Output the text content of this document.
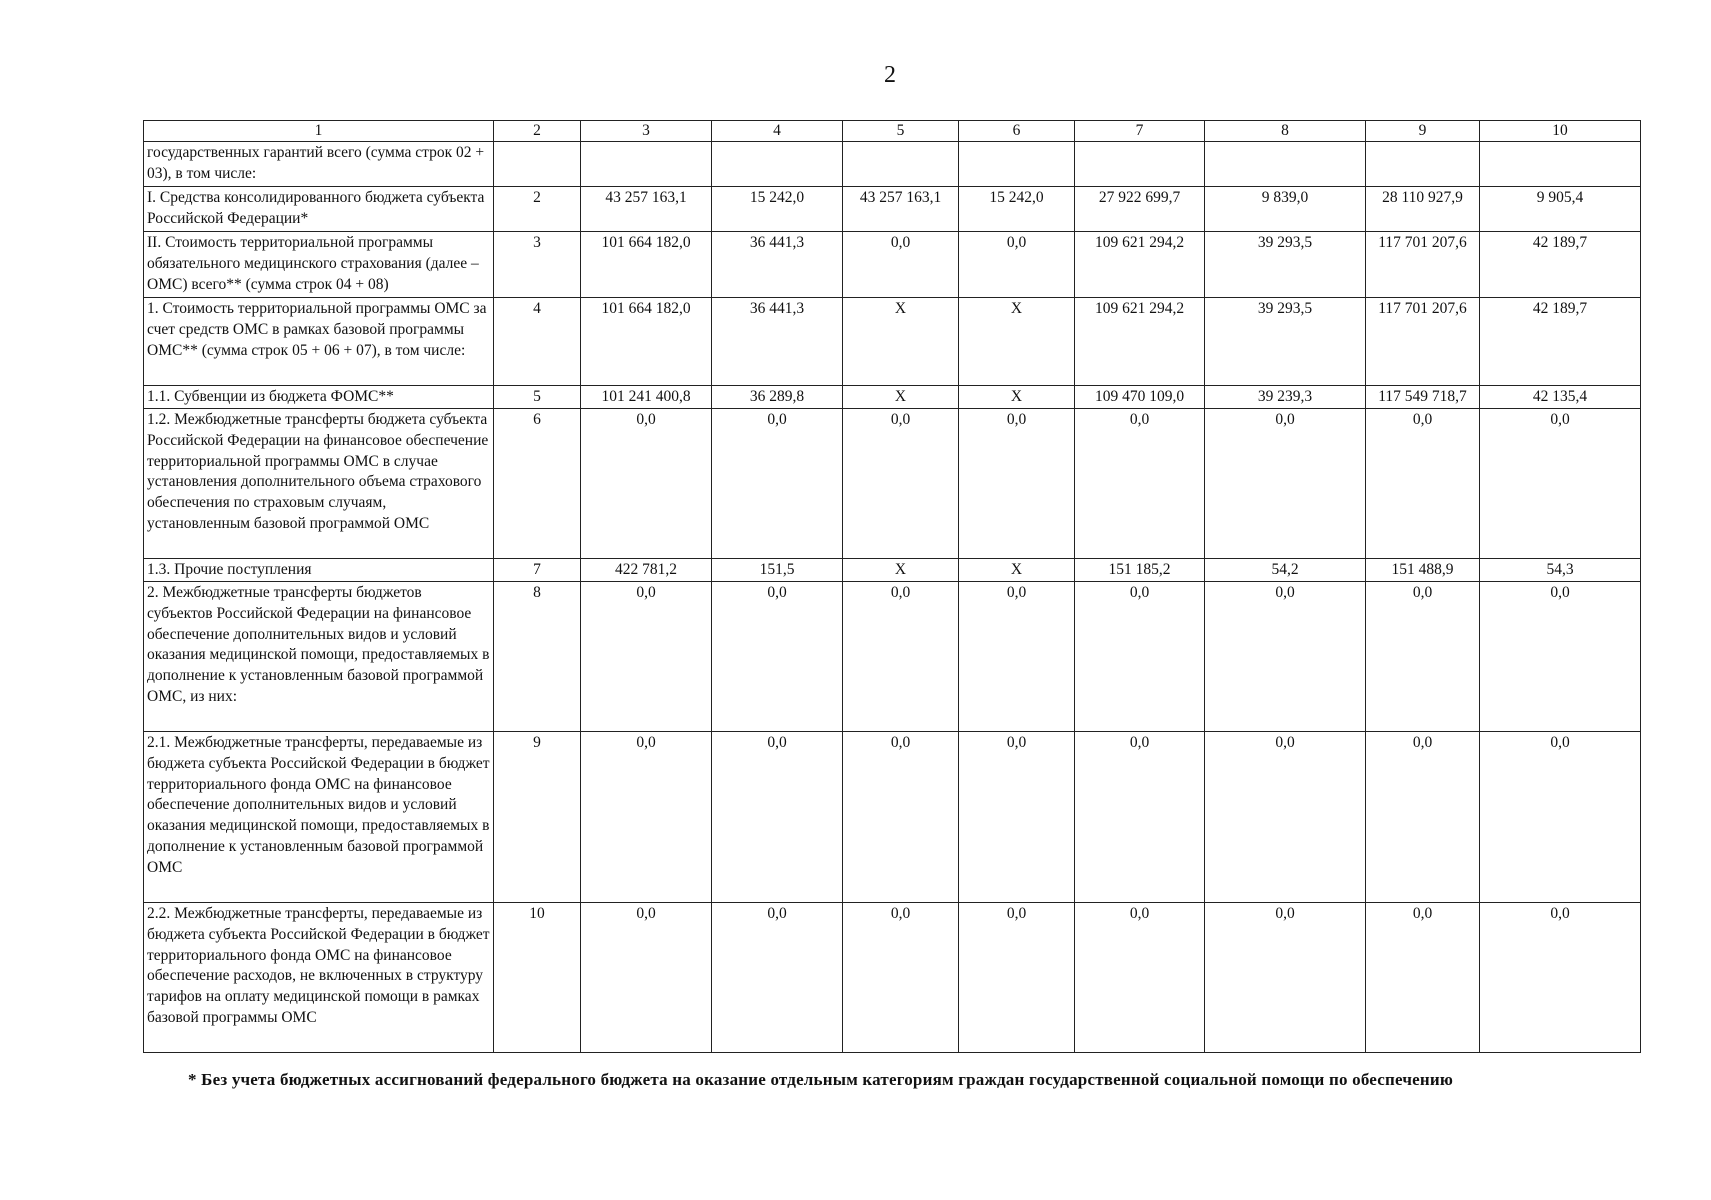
2
1	2	3	4	5	6	7	8	9	10
государственных гарантий всего (сумма строк 02 + 03), в том числе:									
I. Средства консолидированного бюджета субъекта Российской Федерации*	2	43 257 163,1	15 242,0	43 257 163,1	15 242,0	27 922 699,7	9 839,0	28 110 927,9	9 905,4
II. Стоимость территориальной программы обязательного медицинского страхования (далее – ОМС) всего** (сумма строк 04 + 08)	3	101 664 182,0	36 441,3	0,0	0,0	109 621 294,2	39 293,5	117 701 207,6	42 189,7
1. Стоимость территориальной программы ОМС за счет средств ОМС в рамках базовой программы ОМС** (сумма строк 05 + 06 + 07), в том числе:	4	101 664 182,0	36 441,3	X	X	109 621 294,2	39 293,5	117 701 207,6	42 189,7
1.1. Субвенции из бюджета ФОМС**	5	101 241 400,8	36 289,8	X	X	109 470 109,0	39 239,3	117 549 718,7	42 135,4
1.2. Межбюджетные трансферты бюджета субъекта Российской Федерации на финансовое обеспечение территориальной программы ОМС в случае установления дополнительного объема страхового обеспечения по страховым случаям, установленным базовой программой ОМС	6	0,0	0,0	0,0	0,0	0,0	0,0	0,0	0,0
1.3. Прочие поступления	7	422 781,2	151,5	X	X	151 185,2	54,2	151 488,9	54,3
2. Межбюджетные трансферты бюджетов субъектов Российской Федерации на финансовое обеспечение дополнительных видов и условий оказания медицинской помощи, предоставляемых в дополнение к установленным базовой программой ОМС, из них:	8	0,0	0,0	0,0	0,0	0,0	0,0	0,0	0,0
2.1. Межбюджетные трансферты, передаваемые из бюджета субъекта Российской Федерации в бюджет территориального фонда ОМС на финансовое обеспечение дополнительных видов и условий оказания медицинской помощи, предоставляемых в дополнение к установленным базовой программой ОМС	9	0,0	0,0	0,0	0,0	0,0	0,0	0,0	0,0
2.2. Межбюджетные трансферты, передаваемые из бюджета субъекта Российской Федерации в бюджет территориального фонда ОМС на финансовое обеспечение расходов, не включенных в структуру тарифов на оплату медицинской помощи в рамках базовой программы ОМС	10	0,0	0,0	0,0	0,0	0,0	0,0	0,0	0,0
* Без учета бюджетных ассигнований федерального бюджета на оказание отдельным категориям граждан государственной социальной помощи по обеспечению
